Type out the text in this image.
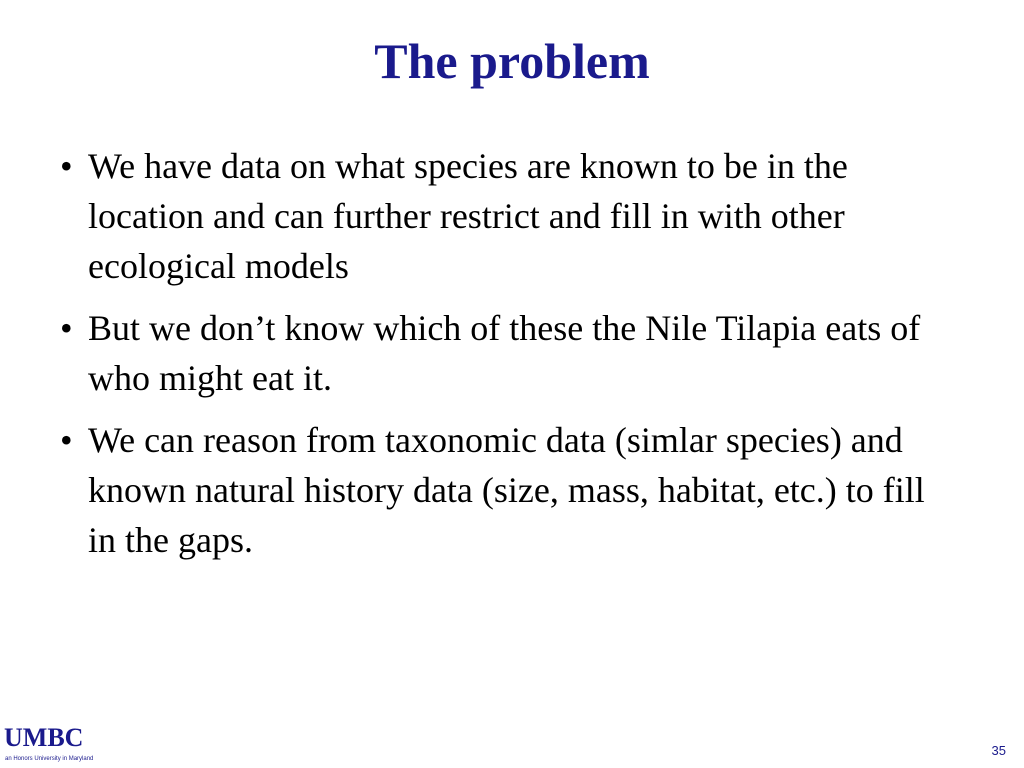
The problem
• We have data on what species are known to be in the location and can further restrict and fill in with other ecological models
• But we don’t know which of these the Nile Tilapia eats of who might eat it.
• We can reason from taxonomic data (simlar species) and known natural history data (size, mass, habitat, etc.) to fill in the gaps.
UMBC
an Honors University in Maryland
35
